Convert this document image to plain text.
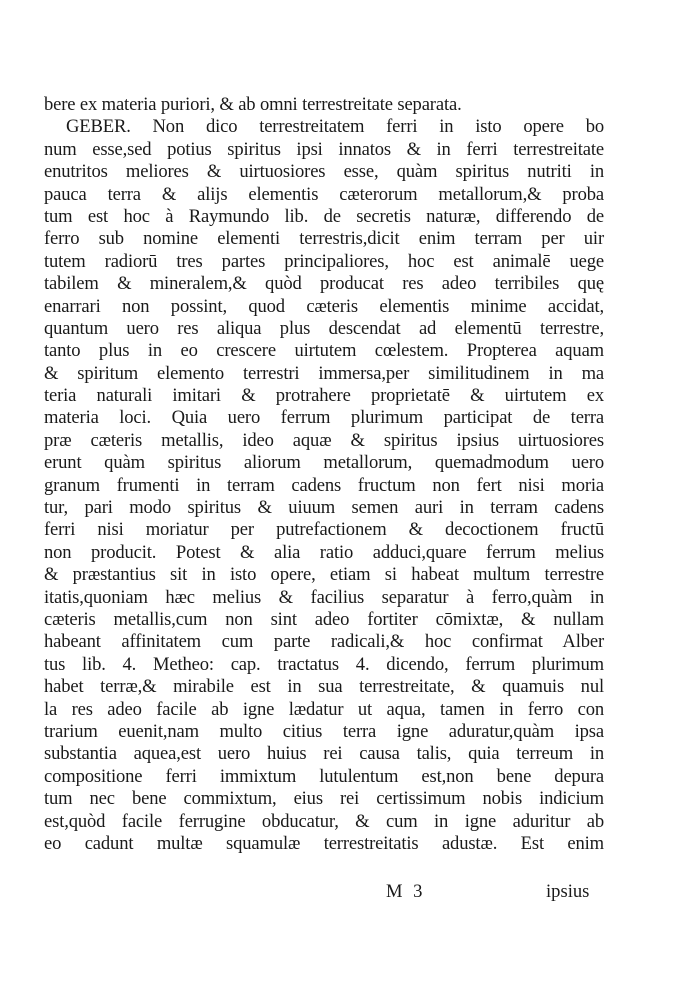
bere ex materia puriori, & ab omni terrestreitate separata.
GEBER. Non dico terrestreitatem ferri in isto opere bo
num esse,sed potius spiritus ipsi innatos & in ferri terrestreitate
enutritos meliores & uirtuosiores esse, quàm spiritus nutriti in
pauca terra & alijs elementis cæterorum metallorum,& proba
tum est hoc à Raymundo lib. de secretis naturæ, differendo de
ferro sub nomine elementi terrestris,dicit enim terram per uir
tutem radiorū tres partes principaliores, hoc est animalē uege
tabilem & mineralem,& quòd producat res adeo terribiles quę
enarrari non possint, quod cæteris elementis minime accidat,
quantum uero res aliqua plus descendat ad elementū terrestre,
tanto plus in eo crescere uirtutem cœlestem. Propterea aquam
& spiritum elemento terrestri immersa,per similitudinem in ma
teria naturali imitari & protrahere proprietatē & uirtutem ex
materia loci. Quia uero ferrum plurimum participat de terra
præ cæteris metallis, ideo aquæ & spiritus ipsius uirtuosiores
erunt quàm spiritus aliorum metallorum, quemadmodum uero
granum frumenti in terram cadens fructum non fert nisi moria
tur, pari modo spiritus & uiuum semen auri in terram cadens
ferri nisi moriatur per putrefactionem & decoctionem fructū
non producit. Potest & alia ratio adduci,quare ferrum melius
& præstantius sit in isto opere, etiam si habeat multum terrestre
itatis,quoniam hæc melius & facilius separatur à ferro,quàm in
cæteris metallis,cum non sint adeo fortiter cōmixtæ, & nullam
habeant affinitatem cum parte radicali,& hoc confirmat Alber
tus lib. 4. Metheo: cap. tractatus 4. dicendo, ferrum plurimum
habet terræ,& mirabile est in sua terrestreitate, & quamuis nul
la res adeo facile ab igne lædatur ut aqua, tamen in ferro con
trarium euenit,nam multo citius terra igne aduratur,quàm ipsa
substantia aquea,est uero huius rei causa talis, quia terreum in
compositione ferri immixtum lutulentum est,non bene depura
tum nec bene commixtum, eius rei certissimum nobis indicium
est,quòd facile ferrugine obducatur, & cum in igne aduritur ab
eo cadunt multæ squamulæ terrestreitatis adustæ. Est enim
M 3	ipsius
